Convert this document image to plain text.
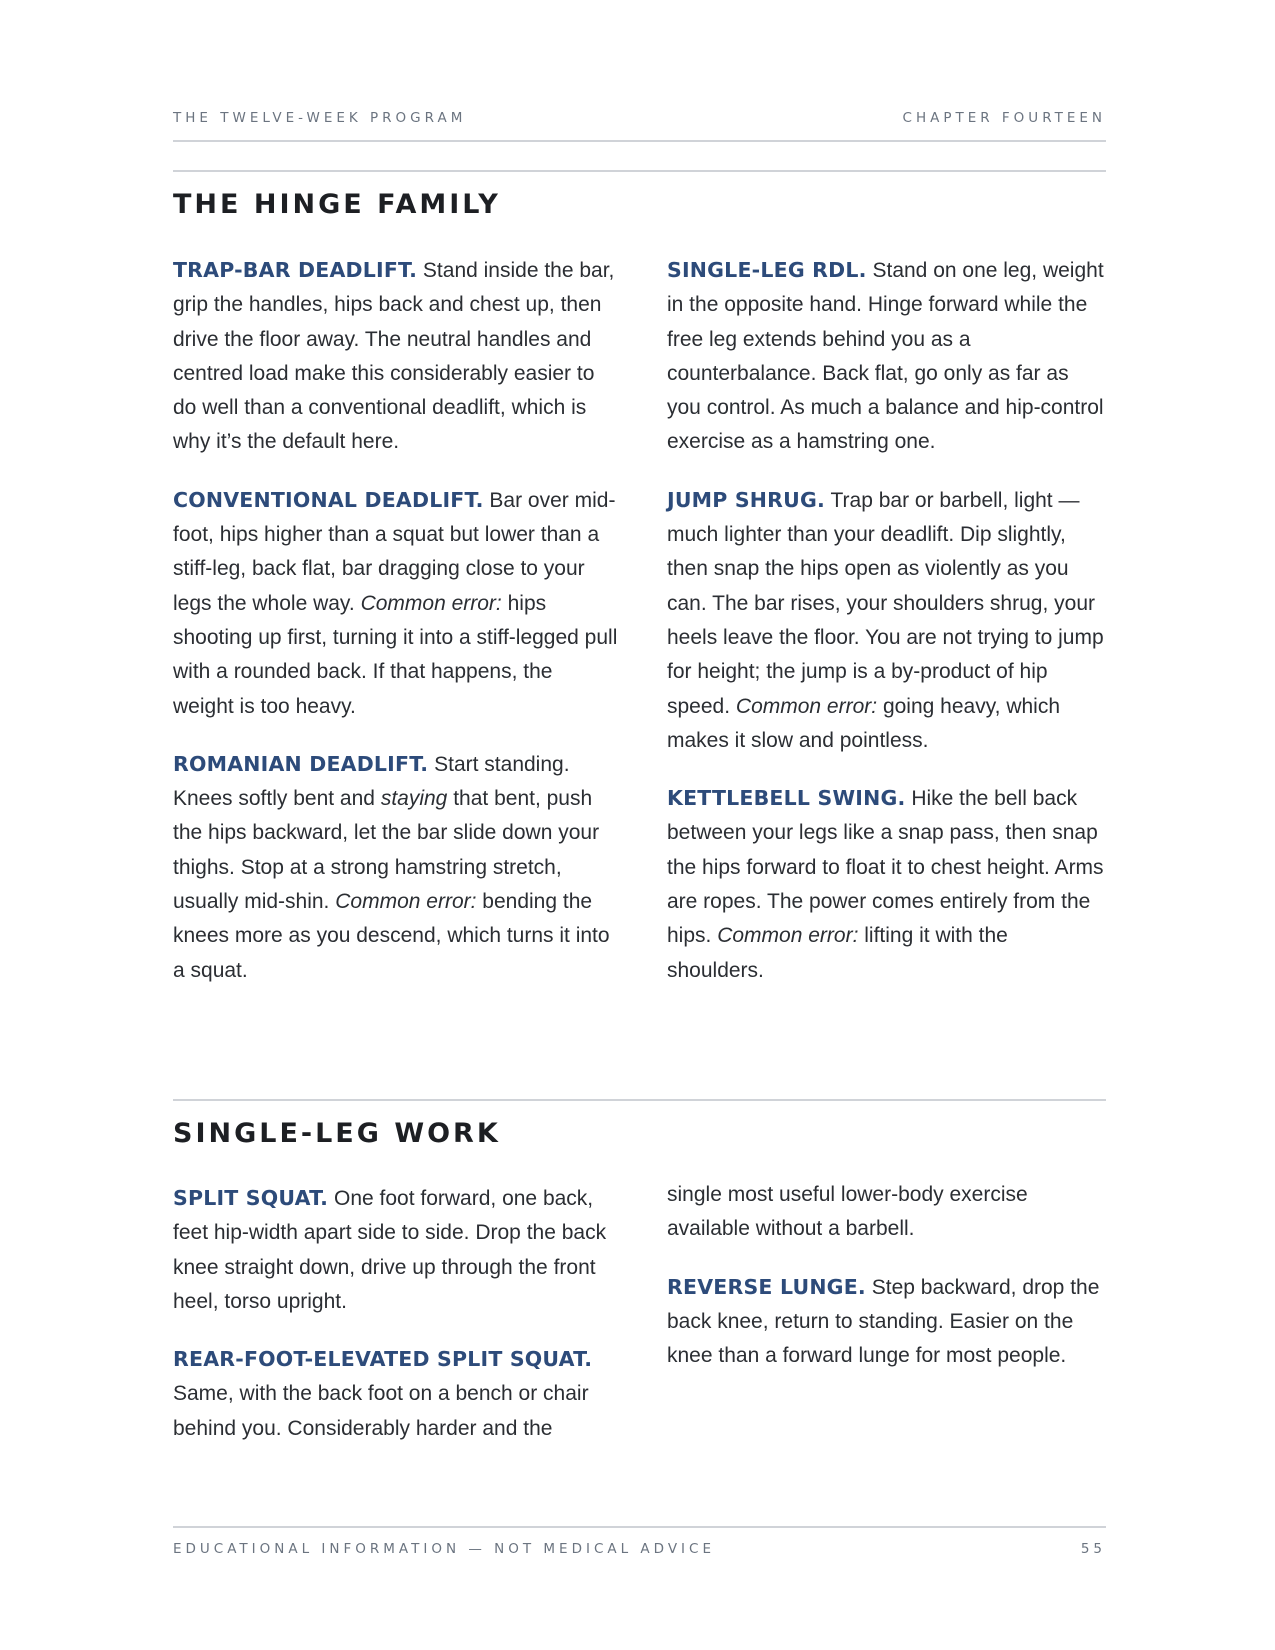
THE TWELVE-WEEK PROGRAM	CHAPTER FOURTEEN
THE HINGE FAMILY

TRAP-BAR DEADLIFT. Stand inside the bar, grip the handles, hips back and chest up, then drive the floor away. The neutral handles and centred load make this considerably easier to do well than a conventional deadlift, which is why it’s the default here.

CONVENTIONAL DEADLIFT. Bar over mid-foot, hips higher than a squat but lower than a stiff-leg, back flat, bar dragging close to your legs the whole way. Common error: hips shooting up first, turning it into a stiff-legged pull with a rounded back. If that happens, the weight is too heavy.

ROMANIAN DEADLIFT. Start standing. Knees softly bent and staying that bent, push the hips backward, let the bar slide down your thighs. Stop at a strong hamstring stretch, usually mid-shin. Common error: bending the knees more as you descend, which turns it into a squat.

SINGLE-LEG RDL. Stand on one leg, weight in the opposite hand. Hinge forward while the free leg extends behind you as a counterbalance. Back flat, go only as far as you control. As much a balance and hip-control exercise as a hamstring one.

JUMP SHRUG. Trap bar or barbell, light — much lighter than your deadlift. Dip slightly, then snap the hips open as violently as you can. The bar rises, your shoulders shrug, your heels leave the floor. You are not trying to jump for height; the jump is a by-product of hip speed. Common error: going heavy, which makes it slow and pointless.

KETTLEBELL SWING. Hike the bell back between your legs like a snap pass, then snap the hips forward to float it to chest height. Arms are ropes. The power comes entirely from the hips. Common error: lifting it with the shoulders.

SINGLE-LEG WORK

SPLIT SQUAT. One foot forward, one back, feet hip-width apart side to side. Drop the back knee straight down, drive up through the front heel, torso upright.

REAR-FOOT-ELEVATED SPLIT SQUAT. Same, with the back foot on a bench or chair behind you. Considerably harder and the

single most useful lower-body exercise available without a barbell.

REVERSE LUNGE. Step backward, drop the back knee, return to standing. Easier on the knee than a forward lunge for most people.

EDUCATIONAL INFORMATION — NOT MEDICAL ADVICE	55
